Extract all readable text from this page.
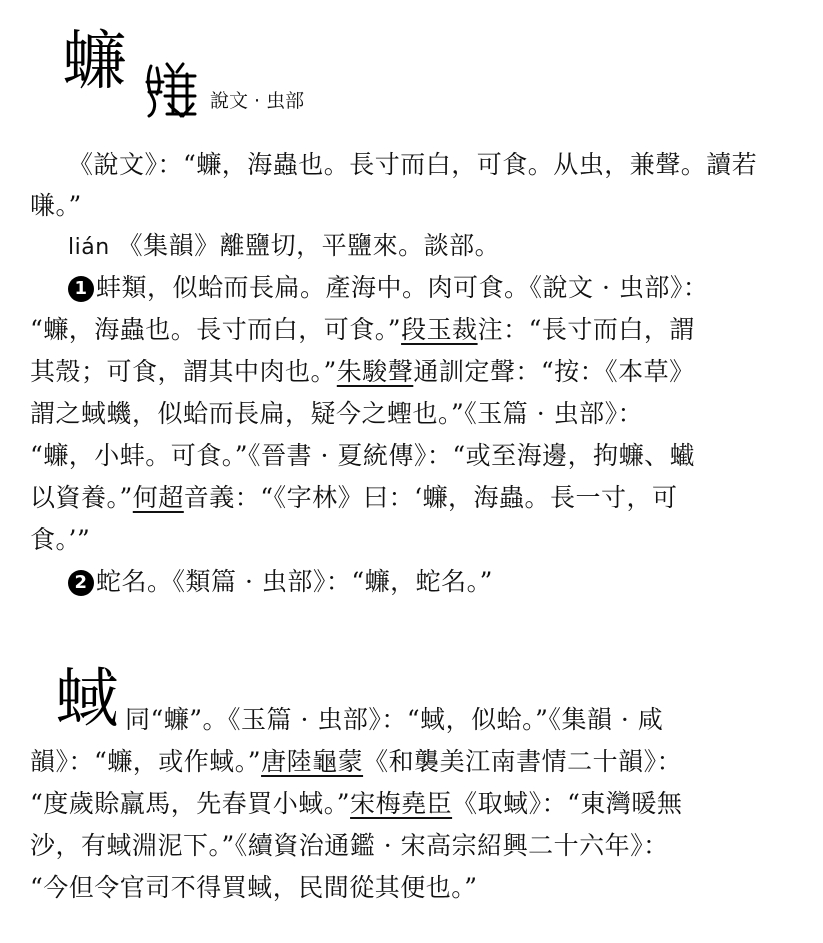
蠊
說文 · 虫部
《說文》：“蠊，海蟲也。長寸而白，可食。从虫，兼聲。讀若
嗛。”
lián 《集韻》離鹽切，平鹽來。談部。
1 蚌類，似蛤而長扁。產海中。肉可食。《說文 · 虫部》：
“蠊，海蟲也。長寸而白，可食。”段玉裁注：“長寸而白，謂
其殼；可食，謂其中肉也。”朱駿聲通訓定聲：“按：《本草》
謂之蜮蟣，似蛤而長扁，疑今之蟶也。”《玉篇 · 虫部》：
“蠊，小蚌。可食。”《晉書 · 夏統傳》：“或至海邊，拘蠊、蠘
以資養。”何超音義：“《字林》曰：‘蠊，海蟲。長一寸，可
食。’”
2 蛇名。《類篇 · 虫部》：“蠊，蛇名。”
蜮 同“蠊”。《玉篇 · 虫部》：“蜮，似蛤。”《集韻 · 咸
韻》：“蠊，或作蜮。”唐陸龜蒙《和襲美江南書情二十韻》：
“度歲賒羸馬，先春買小蜮。”宋梅堯臣《取蜮》：“東灣暖無
沙，有蜮淵泥下。”《續資治通鑑 · 宋高宗紹興二十六年》：
“今但令官司不得買蜮，民間從其便也。”
